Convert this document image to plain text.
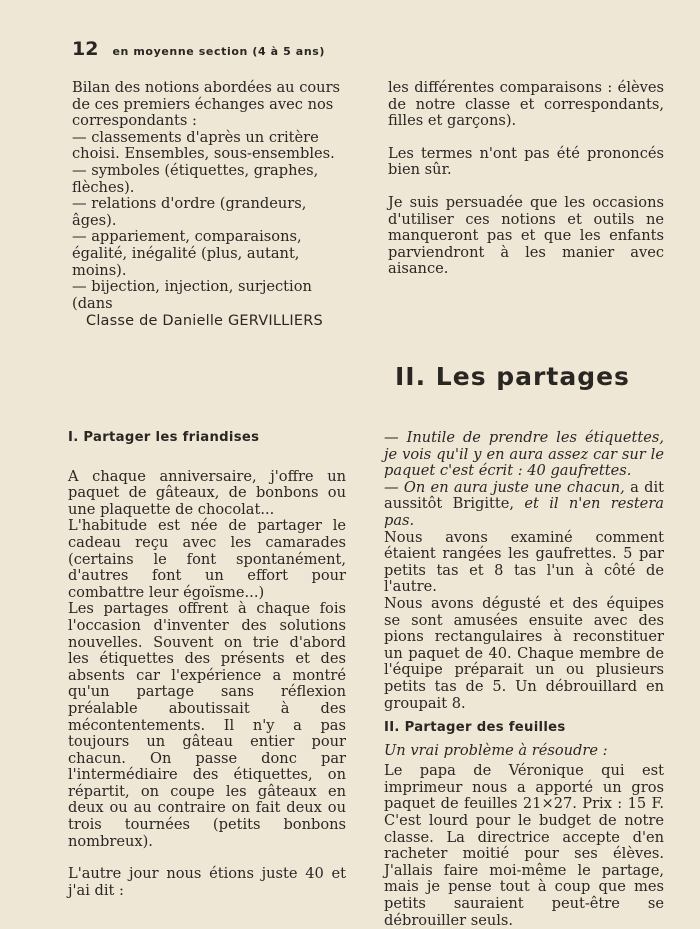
12 en moyenne section (4 à 5 ans)

Bilan des notions abordées au cours de ces premiers échanges avec nos correspondants :

— classements d'après un critère choisi. Ensembles, sous-ensembles.

— symboles (étiquettes, graphes, flèches).

— relations d'ordre (grandeurs, âges).

— appariement, comparaisons, égalité, inégalité (plus, autant, moins).

— bijection, injection, surjection (dans

les différentes comparaisons : élèves de notre classe et correspondants, filles et garçons).

Les termes n'ont pas été prononcés bien sûr.

Je suis persuadée que les occasions d'utiliser ces notions et outils ne manqueront pas et que les enfants parviendront à les manier avec aisance.

Classe de Danielle GERVILLIERS
II. Les partages
I. Partager les friandises

A chaque anniversaire, j'offre un paquet de gâteaux, de bonbons ou une plaquette de chocolat...

L'habitude est née de partager le cadeau reçu avec les camarades (certains le font spontanément, d'autres font un effort pour combattre leur égoïsme...)

Les partages offrent à chaque fois l'occasion d'inventer des solutions nouvelles. Souvent on trie d'abord les étiquettes des présents et des absents car l'expérience a montré qu'un partage sans réflexion préalable aboutissait à des mécontentements. Il n'y a pas toujours un gâteau entier pour chacun. On passe donc par l'intermédiaire des étiquettes, on répartit, on coupe les gâteaux en deux ou au contraire on fait deux ou trois tournées (petits bonbons nombreux).

L'autre jour nous étions juste 40 et j'ai dit :

— Inutile de prendre les étiquettes, je vois qu'il y en aura assez car sur le paquet c'est écrit : 40 gaufrettes.

— On en aura juste une chacun, a dit aussitôt Brigitte, et il n'en restera pas.

Nous avons examiné comment étaient rangées les gaufrettes. 5 par petits tas et 8 tas l'un à côté de l'autre.

Nous avons dégusté et des équipes se sont amusées ensuite avec des pions rectangulaires à reconstituer un paquet de 40. Chaque membre de l'équipe préparait un ou plusieurs petits tas de 5. Un débrouillard en groupait 8.

II. Partager des feuilles

Un vrai problème à résoudre :

Le papa de Véronique qui est imprimeur nous a apporté un gros paquet de feuilles 21×27. Prix : 15 F. C'est lourd pour le budget de notre classe. La directrice accepte d'en racheter moitié pour ses élèves. J'allais faire moi-même le partage, mais je pense tout à coup que mes petits sauraient peut-être se débrouiller seuls.
